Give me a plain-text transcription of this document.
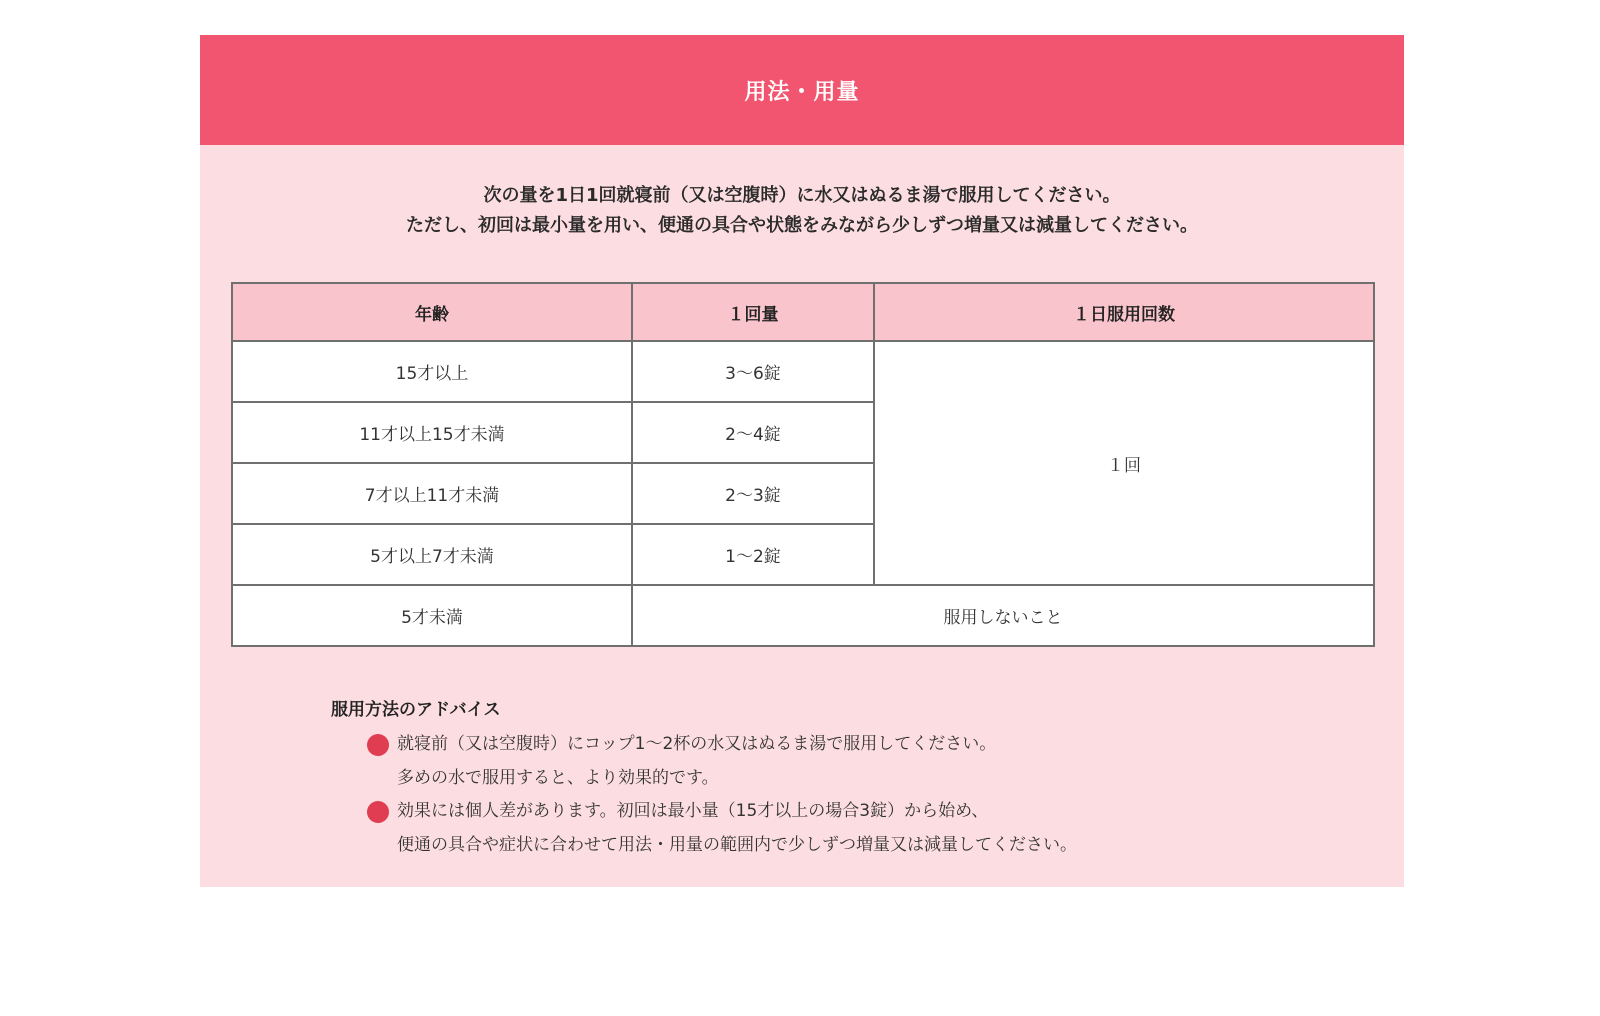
用法・用量

次の量を1日1回就寝前（又は空腹時）に水又はぬるま湯で服用してください。

ただし、初回は最小量を用い、便通の具合や状態をみながら少しずつ増量又は減量してください。

年齢	１回量	１日服用回数
15才以上	3〜6錠	１回
11才以上15才未満	2〜4錠	
7才以上11才未満	2〜3錠	
5才以上7才未満	1〜2錠	
5才未満	服用しないこと	

服用方法のアドバイス

就寝前（又は空腹時）にコップ1〜2杯の水又はぬるま湯で服用してください。

多めの水で服用すると、より効果的です。

効果には個人差があります。初回は最小量（15才以上の場合3錠）から始め、

便通の具合や症状に合わせて用法・用量の範囲内で少しずつ増量又は減量してください。
